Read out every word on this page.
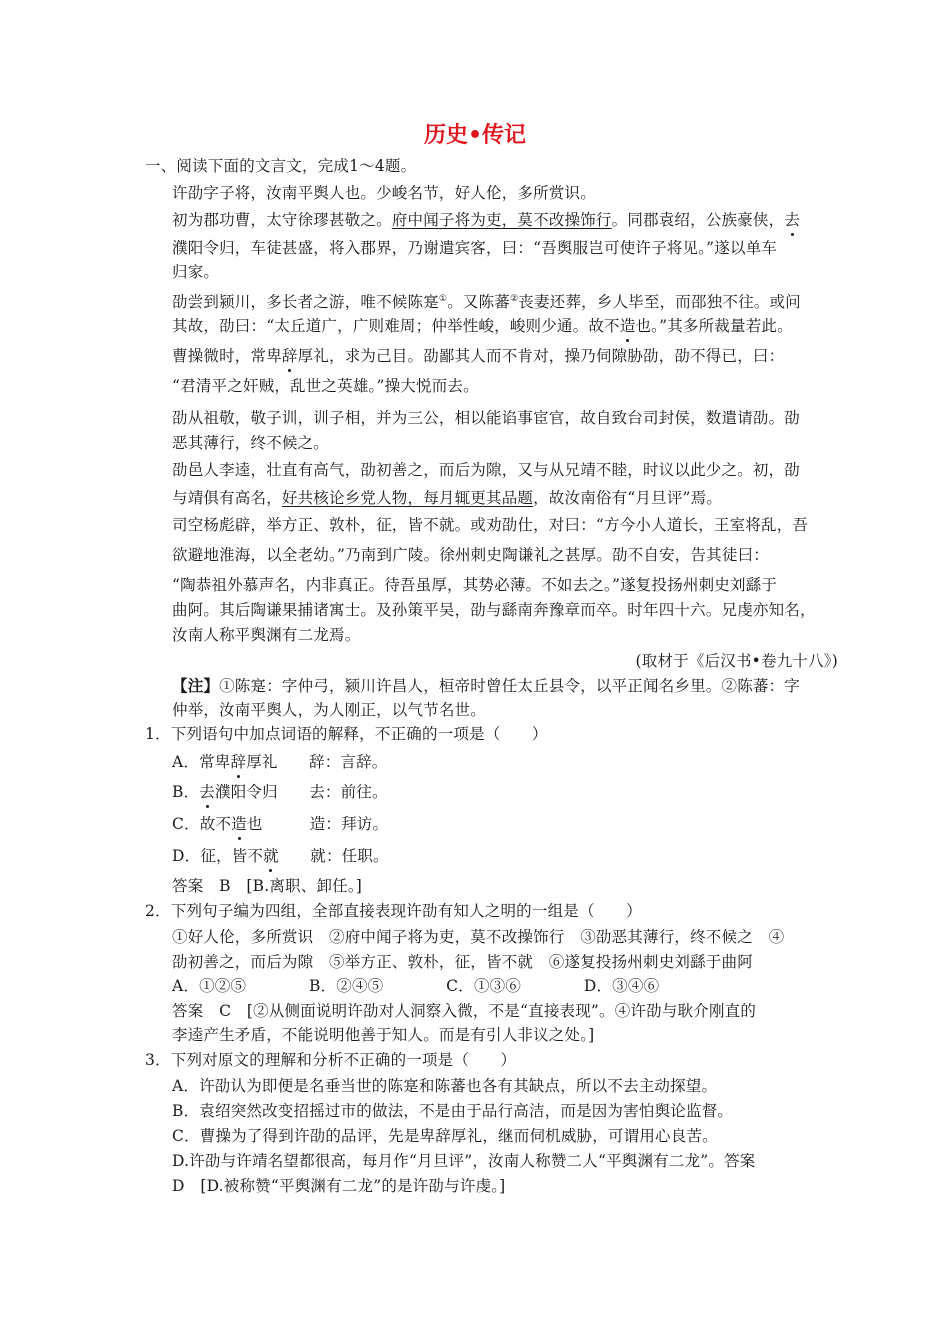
历史•传记
一、阅读下面的文言文，完成1～4题。
许劭字子将，汝南平舆人也。少峻名节，好人伦，多所赏识。
初为郡功曹，太守徐璆甚敬之。府中闻子将为吏，莫不改操饰行。同郡袁绍，公族豪侠，去
濮阳令归，车徒甚盛，将入郡界，乃谢遣宾客，曰：“吾舆服岂可使许子将见。”遂以单车
归家。
劭尝到颍川，多长者之游，唯不候陈寔①。又陈蕃②丧妻还葬，乡人毕至，而邵独不往。或问
其故，劭曰：“太丘道广，广则难周；仲举性峻，峻则少通。故不造也。”其多所裁量若此。
曹操微时，常卑辞厚礼，求为己目。劭鄙其人而不肯对，操乃伺隙胁劭，劭不得已，曰：
“君清平之奸贼，乱世之英雄。”操大悦而去。
劭从祖敬，敬子训，训子相，并为三公，相以能谄事宦官，故自致台司封侯，数遣请劭。劭
恶其薄行，终不候之。
劭邑人李逵，壮直有高气，劭初善之，而后为隙，又与从兄靖不睦，时议以此少之。初，劭
与靖俱有高名，好共核论乡党人物，每月辄更其品题，故汝南俗有“月旦评”焉。
司空杨彪辟，举方正、敦朴，征，皆不就。或劝劭仕，对曰：“方今小人道长，王室将乱，吾
欲避地淮海，以全老幼。”乃南到广陵。徐州刺史陶谦礼之甚厚。劭不自安，告其徒曰：
“陶恭祖外慕声名，内非真正。待吾虽厚，其势必薄。不如去之。”遂复投扬州刺史刘繇于
曲阿。其后陶谦果捕诸寓士。及孙策平吴，劭与繇南奔豫章而卒。时年四十六。兄虔亦知名，
汝南人称平舆渊有二龙焉。
(取材于《后汉书•卷九十八》)
【注】①陈寔：字仲弓，颍川许昌人，桓帝时曾任太丘县令，以平正闻名乡里。②陈蕃：字
仲举，汝南平舆人，为人刚正，以气节名世。
1．下列语句中加点词语的解释，不正确的一项是（　　）
A．常卑辞厚礼　　辞：言辞。
B．去濮阳令归　　去：前往。
C．故不造也　　　造：拜访。
D．征，皆不就　　就：任职。
答案　B　[B.离职、卸任。]
2．下列句子编为四组，全部直接表现许劭有知人之明的一组是（　　）
①好人伦，多所赏识　②府中闻子将为吏，莫不改操饰行　③劭恶其薄行，终不候之　④
劭初善之，而后为隙　⑤举方正、敦朴，征，皆不就　⑥遂复投扬州刺史刘繇于曲阿
A．①②⑤　　　　B．②④⑤　　　　C．①③⑥　　　　D．③④⑥
答案　C　[②从侧面说明许劭对人洞察入微，不是“直接表现”。④许劭与耿介刚直的
李逵产生矛盾，不能说明他善于知人。而是有引人非议之处。]
3．下列对原文的理解和分析不正确的一项是（　　）
A．许劭认为即便是名垂当世的陈寔和陈蕃也各有其缺点，所以不去主动探望。
B．袁绍突然改变招摇过市的做法，不是由于品行高洁，而是因为害怕舆论监督。
C．曹操为了得到许劭的品评，先是卑辞厚礼，继而伺机威胁，可谓用心良苦。
D.许劭与许靖名望都很高，每月作“月旦评”，汝南人称赞二人“平舆渊有二龙”。答案
D　[D.被称赞“平舆渊有二龙”的是许劭与许虔。]
